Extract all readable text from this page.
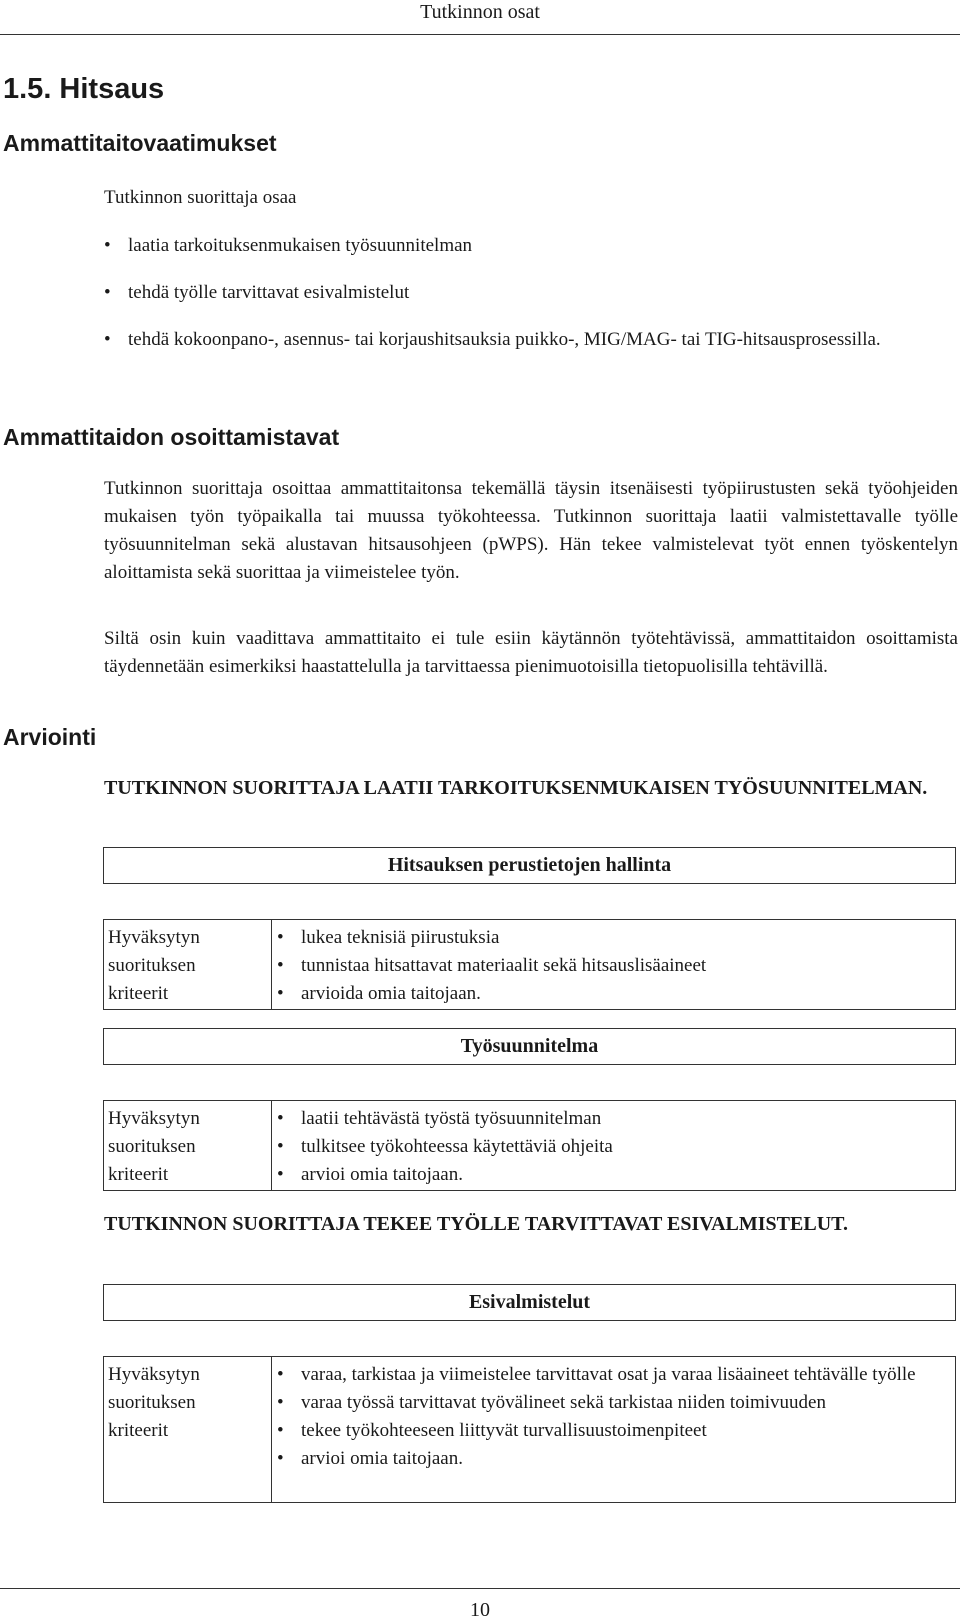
Tutkinnon osat
1.5. Hitsaus
Ammattitaitovaatimukset
Tutkinnon suorittaja osaa
• laatia tarkoituksenmukaisen työsuunnitelman
• tehdä työlle tarvittavat esivalmistelut
• tehdä kokoonpano-, asennus- tai korjaushitsauksia puikko-, MIG/MAG- tai TIG-hitsausprosessilla.
Ammattitaidon osoittamistavat
Tutkinnon suorittaja osoittaa ammattitaitonsa tekemällä täysin itsenäisesti työpiirustusten sekä työohjeiden mukaisen työn työpaikalla tai muussa työkohteessa. Tutkinnon suorittaja laatii valmistettavalle työlle työsuunnitelman sekä alustavan hitsausohjeen (pWPS). Hän tekee valmistelevat työt ennen työskentelyn aloittamista sekä suorittaa ja viimeistelee työn.
Siltä osin kuin vaadittava ammattitaito ei tule esiin käytännön työtehtävissä, ammattitaidon osoittamista täydennetään esimerkiksi haastattelulla ja tarvittaessa pienimuotoisilla tietopuolisilla tehtävillä.
Arviointi
TUTKINNON SUORITTAJA LAATII TARKOITUKSENMUKAISEN TYÖSUUNNITELMAN.
Hitsauksen perustietojen hallinta
Hyväksytyn suorituksen kriteerit
• lukea teknisiä piirustuksia
• tunnistaa hitsattavat materiaalit sekä hitsauslisäaineet
• arvioida omia taitojaan.
Työsuunnitelma
Hyväksytyn suorituksen kriteerit
• laatii tehtävästä työstä työsuunnitelman
• tulkitsee työkohteessa käytettäviä ohjeita
• arvioi omia taitojaan.
TUTKINNON SUORITTAJA TEKEE TYÖLLE TARVITTAVAT ESIVALMISTELUT.
Esivalmistelut
Hyväksytyn suorituksen kriteerit
• varaa, tarkistaa ja viimeistelee tarvittavat osat ja varaa lisäaineet tehtävälle työlle
• varaa työssä tarvittavat työvälineet sekä tarkistaa niiden toimivuuden
• tekee työkohteeseen liittyvät turvallisuustoimenpiteet
• arvioi omia taitojaan.
10
